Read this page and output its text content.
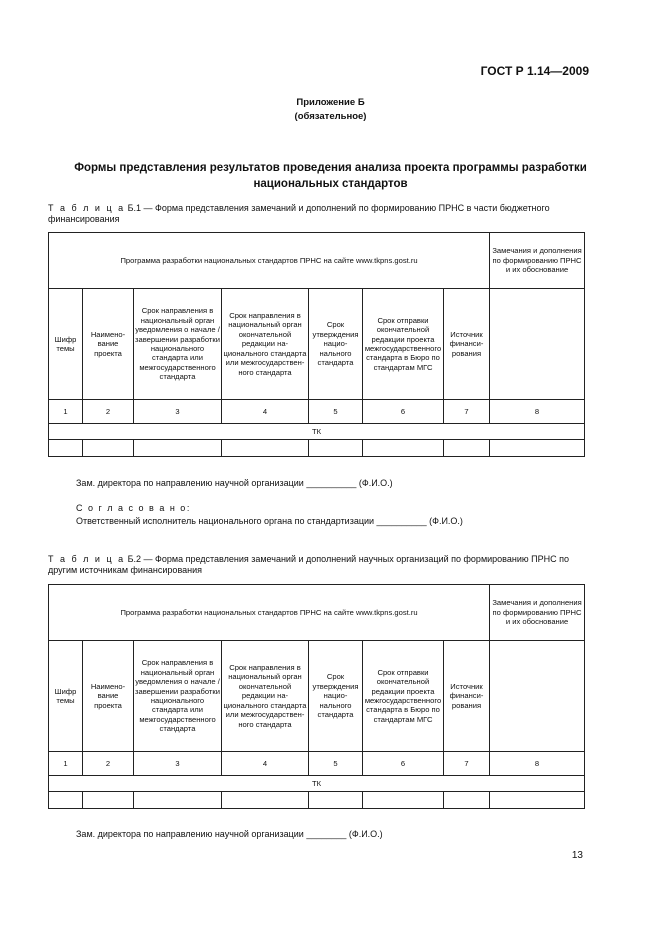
ГОСТ Р 1.14—2009
Приложение Б
(обязательное)
Формы представления результатов проведения анализа проекта программы разработки
национальных стандартов
Т а б л и ц а Б.1 — Форма представления замечаний и дополнений по формированию ПРНС в части бюджетного финансирования
Программа разработки национальных стандартов ПРНС на сайте www.tkpns.gost.ru							Замечания и дополнения по формированию ПРНС и их обоснование
Шифр темы	Наименование проекта	Срок направления в национальный орган уведомления о начале / завершении разработки национального стандарта или межгосударственного стандарта	Срок направления в национальный орган окончательной редакции национального стандарта или межгосударственного стандарта	Срок утверждения национального стандарта	Срок отправки окончательной редакции проекта межгосударственного стандарта в Бюро по стандартам МГС	Источник финансирования	
1	2	3	4	5	6	7	8
ТК							

Зам. директора по направлению научной организации __________ (Ф.И.О.)
С о г л а с о в а н о:
Ответственный исполнитель национального органа по стандартизации __________ (Ф.И.О.)
Т а б л и ц а Б.2 — Форма представления замечаний и дополнений научных организаций по формированию ПРНС по другим источникам финансирования
Программа разработки национальных стандартов ПРНС на сайте www.tkpns.gost.ru							Замечания и дополнения по формированию ПРНС и их обоснование
Шифр темы	Наименование проекта	Срок направления в национальный орган уведомления о начале / завершении разработки национального стандарта или межгосударственного стандарта	Срок направления в национальный орган окончательной редакции национального стандарта или межгосударственного стандарта	Срок утверждения национального стандарта	Срок отправки окончательной редакции проекта межгосударственного стандарта в Бюро по стандартам МГС	Источник финансирования	
1	2	3	4	5	6	7	8
ТК							

Зам. директора по направлению научной организации ________ (Ф.И.О.)
13
